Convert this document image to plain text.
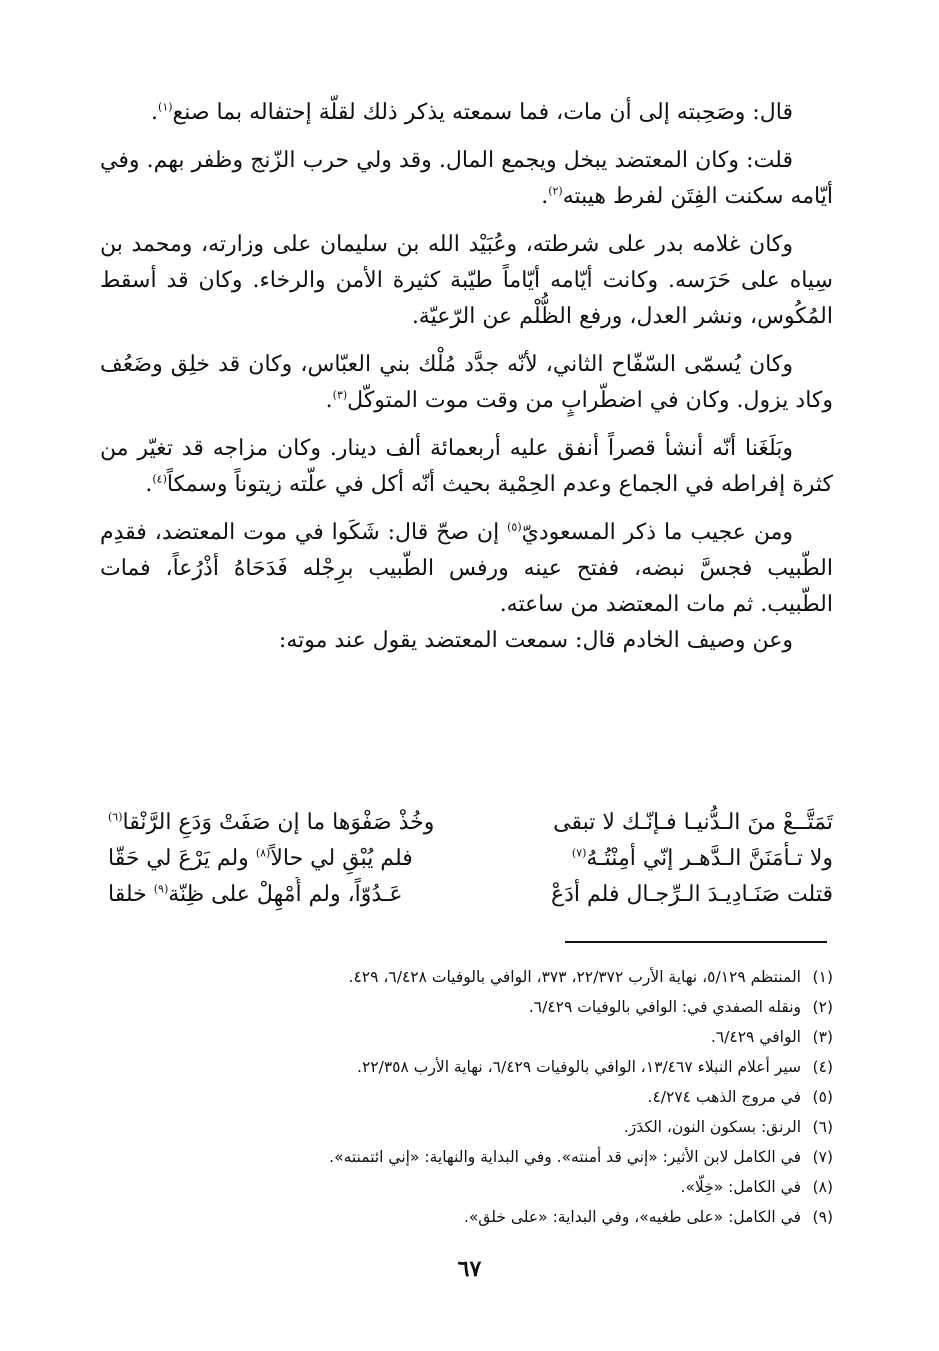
قال: وصَحِبته إلى أن مات، فما سمعته يذكر ذلك لقلّة إحتفاله بما صنع$^{(١)}$.

قلت: وكان المعتضد يبخل ويجمع المال. وقد ولي حرب الزّنج وظفر بهم. وفي أيّامه سكنت الفِتَن لفرط هيبته$^{(٢)}$.

وكان غلامه بدر على شرطته، وعُبَيْد الله بن سليمان على وزارته، ومحمد بن سِياه على حَرَسه. وكانت أيّامه أيّاماً طيّبة كثيرة الأمن والرخاء. وكان قد أسقط المُكُوس، ونشر العدل، ورفع الظُّلْم عن الرّعيّة.

وكان يُسمّى السّفّاح الثاني، لأنّه جدَّد مُلْك بني العبّاس، وكان قد خلِق وضَعُف وكاد يزول. وكان في اضطّرابٍ من وقت موت المتوكّل$^{(٣)}$.

وبَلَغَنا أنّه أنشأ قصراً أنفق عليه أربعمائة ألف دينار. وكان مزاجه قد تغيّر من كثرة إفراطه في الجماع وعدم الحِمْية بحيث أنّه أكل في علّته زيتوناً وسمكاً$^{(٤)}$.

ومن عجيب ما ذكر المسعوديّ$^{(٥)}$ إن صحّ قال: شَكَوا في موت المعتضد، فقدِم الطّبيب فجسَّ نبضه، ففتح عينه ورفس الطّبيب برِجْله فَدَحَاهُ أذْرُعاً، فمات الطّبيب. ثم مات المعتضد من ساعته.

وعن وصيف الخادم قال: سمعت المعتضد يقول عند موته:

تَمَتَّــعْ منَ الـدُّنيـا فـإنّـك لا تبقى
وخُذْ صَفْوَها ما إن صَفَتْ وَدَعِ الرَّنْقا$^{(٦)}$
ولا تـأمَنَنَّ الـدَّهـر إنّي أمِنْتُـهُ$^{(٧)}$
فلم يُبْقِ لي حالاً$^{(٨)}$ ولم يَرْعَ لي حَقّا
قتلت صَنَـادِيـدَ الـرِّجـال فلم أدَعْ
عَـدُوّاً، ولم أُمْهِلْ على ظِنّة$^{(٩)}$ خلقا
(١)
المنتظم ٥/١٢٩، نهاية الأرب ٢٢/٣٧٢، ٣٧٣، الوافي بالوفيات ٦/٤٢٨، ٤٢٩.
(٢)
ونقله الصفدي في: الوافي بالوفيات ٦/٤٢٩.
(٣)
الوافي ٦/٤٢٩.
(٤)
سير أعلام النبلاء ١٣/٤٦٧، الوافي بالوفيات ٦/٤٢٩، نهاية الأرب ٢٢/٣٥٨.
(٥)
في مروج الذهب ٤/٢٧٤.
(٦)
الرنق: بسكون النون، الكدَرَ.
(٧)
في الكامل لابن الأثير: «إني قد أمنته». وفي البداية والنهاية: «إني ائتمنته».
(٨)
في الكامل: «خِلّا».
(٩)
في الكامل: «على طغيه»، وفي البداية: «على خلق».
٦٧
